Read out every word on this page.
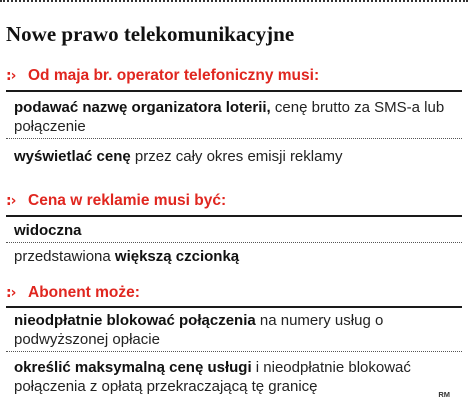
Nowe prawo telekomunikacyjne
:› Od maja br. operator telefoniczny musi:
podawać nazwę organizatora loterii, cenę brutto za SMS-a lub połączenie
wyświetlać cenę przez cały okres emisji reklamy
:› Cena w reklamie musi być:
widoczna
przedstawiona większą czcionką
:› Abonent może:
nieodpłatnie blokować połączenia na numery usług o podwyższonej opłacie
określić maksymalną cenę usługi i nieodpłatnie blokować połączenia z opłatą przekraczającą tę granicę	RM
